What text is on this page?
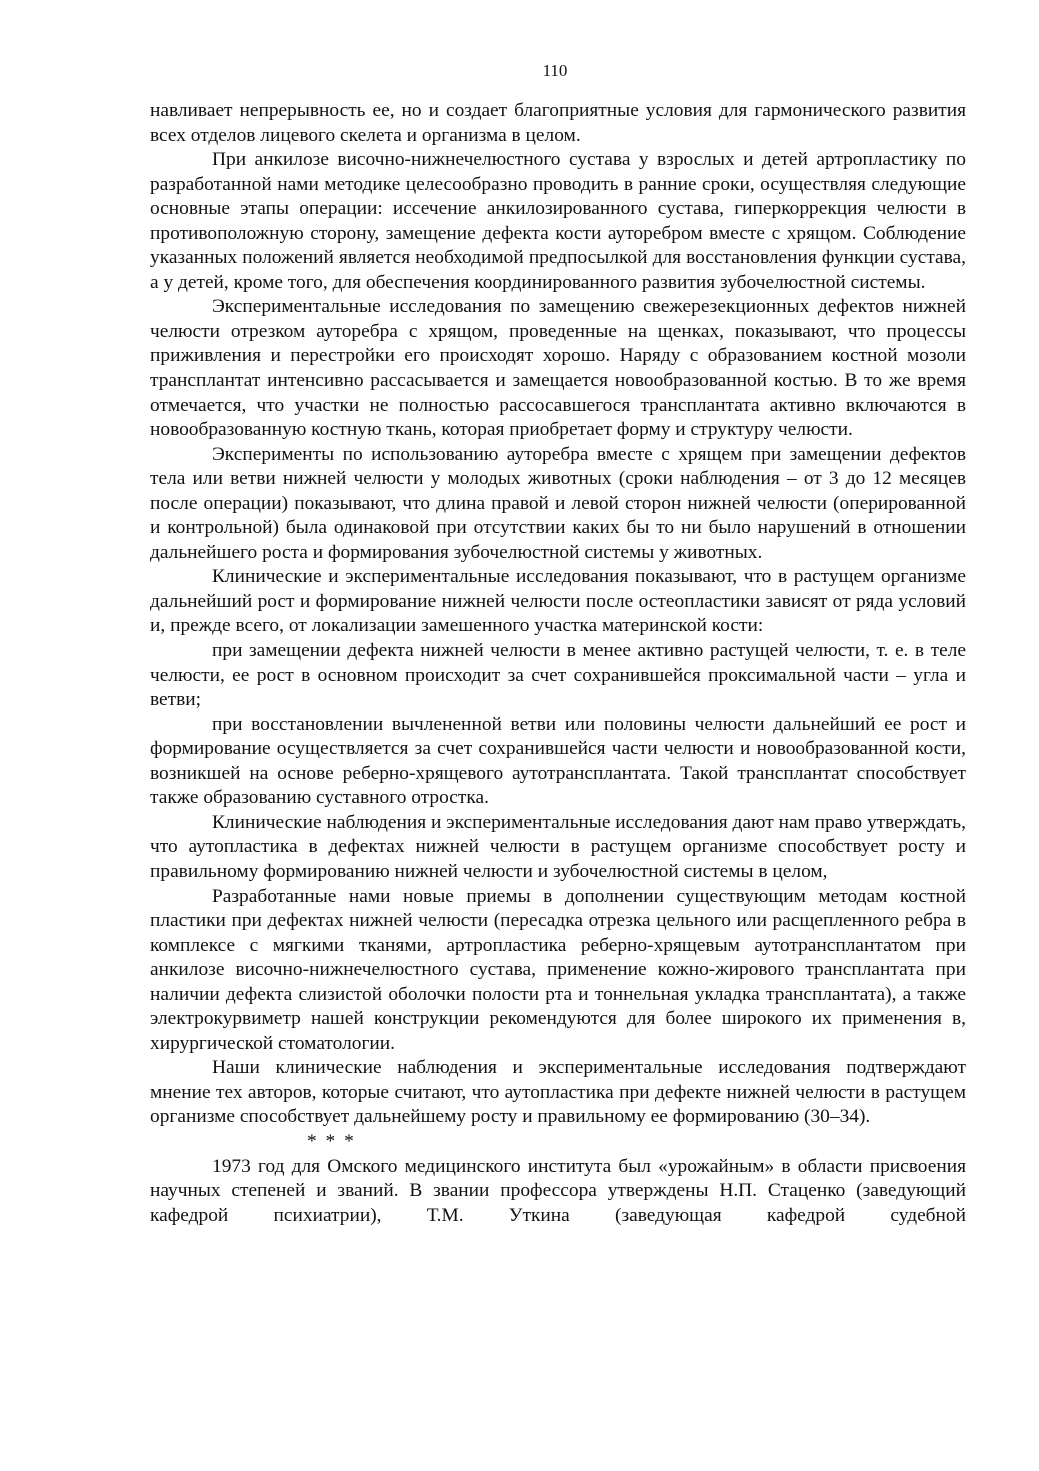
110

навливает непрерывность ее, но и создает благоприятные условия для гармонического развития всех отделов лицевого скелета и организма в целом.

При анкилозе височно-нижнечелюстного сустава у взрослых и детей артропластику по разработанной нами методике целесообразно проводить в ранние сроки, осуществляя следующие основные этапы операции: иссечение анкилозированного сустава, гиперкоррекция челюсти в противоположную сторону, замещение дефекта кости ауторебром вместе с хрящом. Соблюдение указанных положений является необходимой предпосылкой для восстановления функции сустава, а у детей, кроме того, для обеспечения координированного развития зубочелюстной системы.

Экспериментальные исследования по замещению свежерезекционных дефектов нижней челюсти отрезком ауторебра с хрящом, проведенные на щенках, показывают, что процессы приживления и перестройки его происходят хорошо. Наряду с образованием костной мозоли трансплантат интенсивно рассасывается и замещается новообразованной костью. В то же время отмечается, что участки не полностью рассосавшегося трансплантата активно включаются в новообразованную костную ткань, которая приобретает форму и структуру челюсти.

Эксперименты по использованию ауторебра вместе с хрящем при замещении дефектов тела или ветви нижней челюсти у молодых животных (сроки наблюдения – от 3 до 12 месяцев после операции) показывают, что длина правой и левой сторон нижней челюсти (оперированной и контрольной) была одинаковой при отсутствии каких бы то ни было нарушений в отношении дальнейшего роста и формирования зубочелюстной системы у животных.

Клинические и экспериментальные исследования показывают, что в растущем организме дальнейший рост и формирование нижней челюсти после остеопластики зависят от ряда условий и, прежде всего, от локализации замешенного участка материнской кости:

при замещении дефекта нижней челюсти в менее активно растущей челюсти, т. е. в теле челюсти, ее рост в основном происходит за счет сохранившейся проксимальной части – угла и ветви;

при восстановлении вычлененной ветви или половины челюсти дальнейший ее рост и формирование осуществляется за счет сохранившейся части челюсти и новообразованной кости, возникшей на основе реберно-хрящевого аутотрансплантата. Такой трансплантат способствует также образованию суставного отростка.

Клинические наблюдения и экспериментальные исследования дают нам право утверждать, что аутопластика в дефектах нижней челюсти в растущем организме способствует росту и правильному формированию нижней челюсти и зубочелюстной системы в целом,

Разработанные нами новые приемы в дополнении существующим методам костной пластики при дефектах нижней челюсти (пересадка отрезка цельного или расщепленного ребра в комплексе с мягкими тканями, артропластика реберно-хрящевым аутотрансплантатом при анкилозе височно-нижнечелюстного сустава, применение кожно-жирового трансплантата при наличии дефекта слизистой оболочки полости рта и тоннельная укладка трансплантата), а также электрокурвиметр нашей конструкции рекомендуются для более широкого их применения в, хирургической стоматологии.

Наши клинические наблюдения и экспериментальные исследования подтверждают мнение тех авторов, которые считают, что аутопластика при дефекте нижней челюсти в растущем организме способствует дальнейшему росту и правильному ее формированию (30–34).

* * *

1973 год для Омского медицинского института был «урожайным» в области присвоения научных степеней и званий. В звании профессора утверждены Н.П. Стаценко (заведующий кафедрой психиатрии), Т.М. Уткина (заведующая кафедрой судебной
